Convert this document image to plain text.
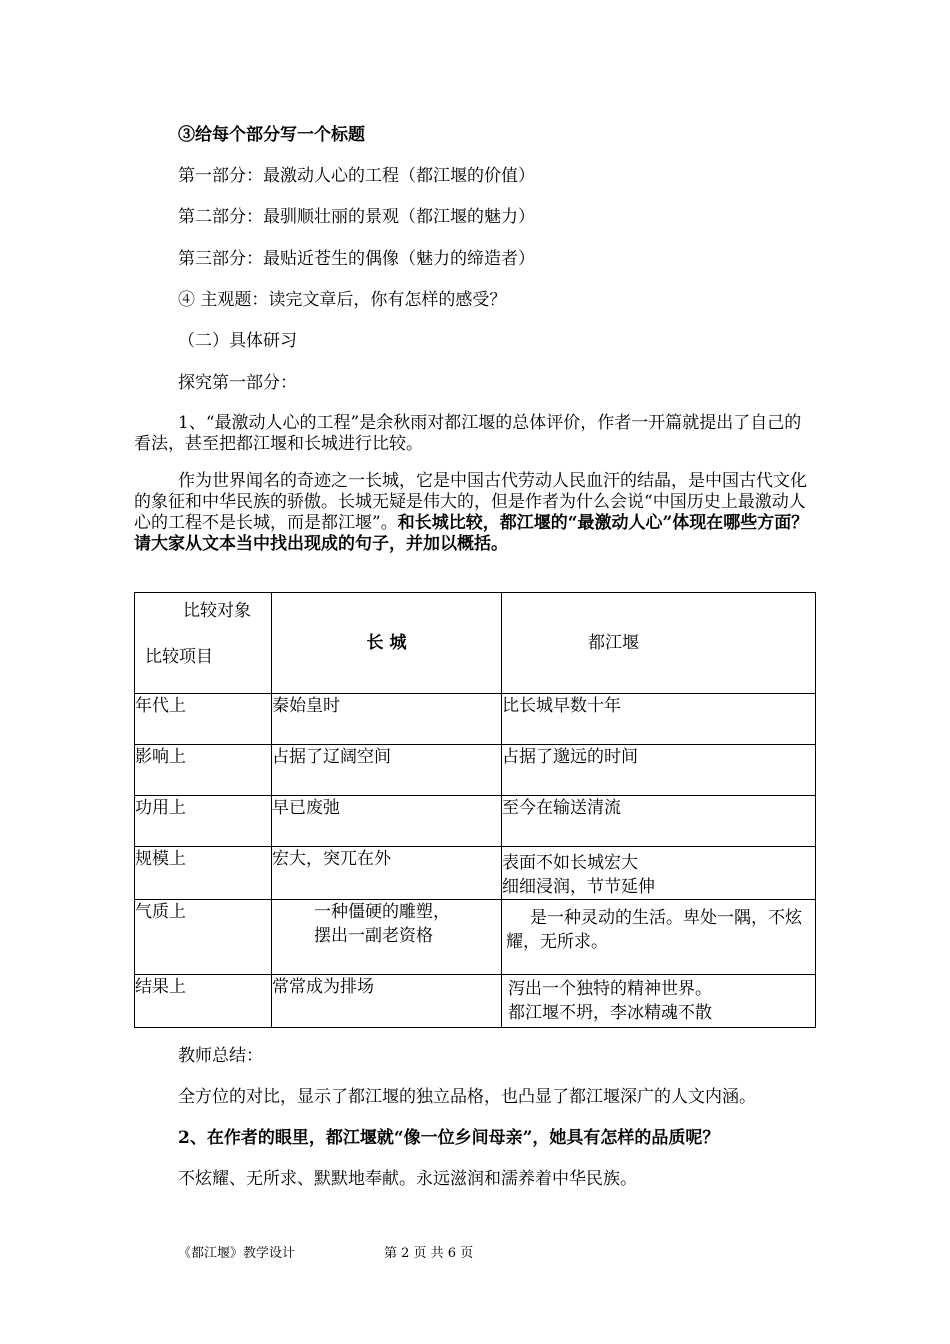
③给每个部分写一个标题
第一部分：最激动人心的工程（都江堰的价值）
第二部分：最驯顺壮丽的景观（都江堰的魅力）
第三部分：最贴近苍生的偶像（魅力的缔造者）
④ 主观题：读完文章后，你有怎样的感受？
（二）具体研习
探究第一部分：
1、“最激动人心的工程”是余秋雨对都江堰的总体评价，作者一开篇就提出了自己的看法，甚至把都江堰和长城进行比较。
作为世界闻名的奇迹之一长城，它是中国古代劳动人民血汗的结晶，是中国古代文化的象征和中华民族的骄傲。长城无疑是伟大的，但是作者为什么会说“中国历史上最激动人心的工程不是长城，而是都江堰”。和长城比较，都江堰的“最激动人心”体现在哪些方面？请大家从文本当中找出现成的句子，并加以概括。
比较对象
比较项目	长 城	都江堰
年代上	秦始皇时	比长城早数十年

影响上	占据了辽阔空间	占据了邈远的时间

功用上	早已废弛	至今在输送清流

规模上	宏大，突兀在外	表面不如长城宏大
细细浸润，节节延伸

气质上	一种僵硬的雕塑，
摆出一副老资格	是一种灵动的生活。卑处一隅，不炫耀，无所求。

结果上	常常成为排场	泻出一个独特的精神世界。
都江堰不坍，李冰精魂不散
教师总结：
全方位的对比，显示了都江堰的独立品格，也凸显了都江堰深广的人文内涵。
2、在作者的眼里，都江堰就“像一位乡间母亲”，她具有怎样的品质呢？
不炫耀、无所求、默默地奉献。永远滋润和濡养着中华民族。
《都江堰》教学设计	第 2 页 共 6 页
